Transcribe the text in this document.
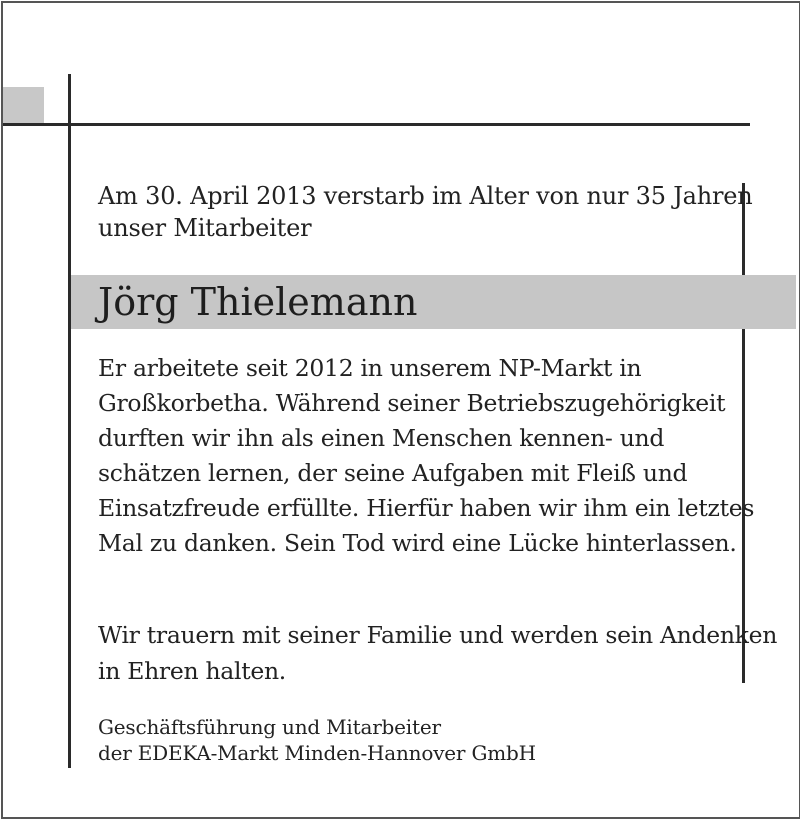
Am 30. April 2013 verstarb im Alter von nur 35 Jahren
unser Mitarbeiter

Jörg Thielemann

Er arbeitete seit 2012 in unserem NP-Markt in
Großkorbetha. Während seiner Betriebszugehörigkeit
durften wir ihn als einen Menschen kennen- und
schätzen lernen, der seine Aufgaben mit Fleiß und
Einsatzfreude erfüllte. Hierfür haben wir ihm ein letztes
Mal zu danken. Sein Tod wird eine Lücke hinterlassen.

Wir trauern mit seiner Familie und werden sein Andenken
in Ehren halten.

Geschäftsführung und Mitarbeiter
der EDEKA-Markt Minden-Hannover GmbH
